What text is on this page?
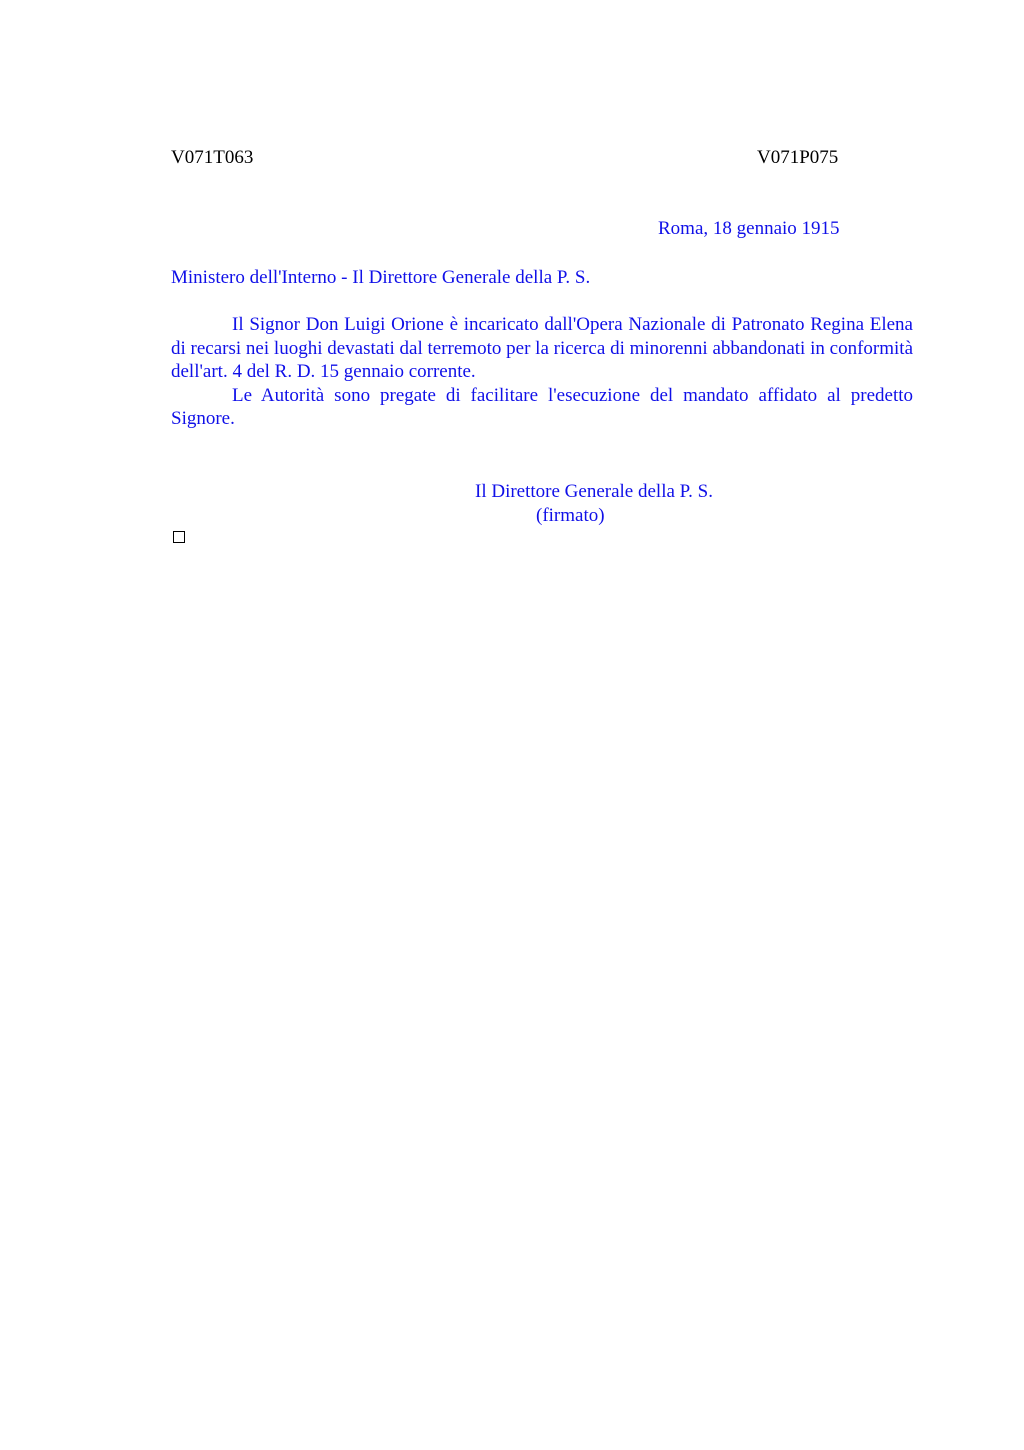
V071T063	V071P075
Roma, 18 gennaio 1915
Ministero dell'Interno - Il Direttore Generale della P. S.

Il Signor Don Luigi Orione è incaricato dall'Opera Nazionale di Patronato Regina Elena di recarsi nei luoghi devastati dal terremoto per la ricerca di minorenni abbandonati in conformità dell'art. 4 del R. D. 15 gennaio corrente.

Le Autorità sono pregate di facilitare l'esecuzione del mandato affidato al predetto Signore.

Il Direttore Generale della P. S.
(firmato)
